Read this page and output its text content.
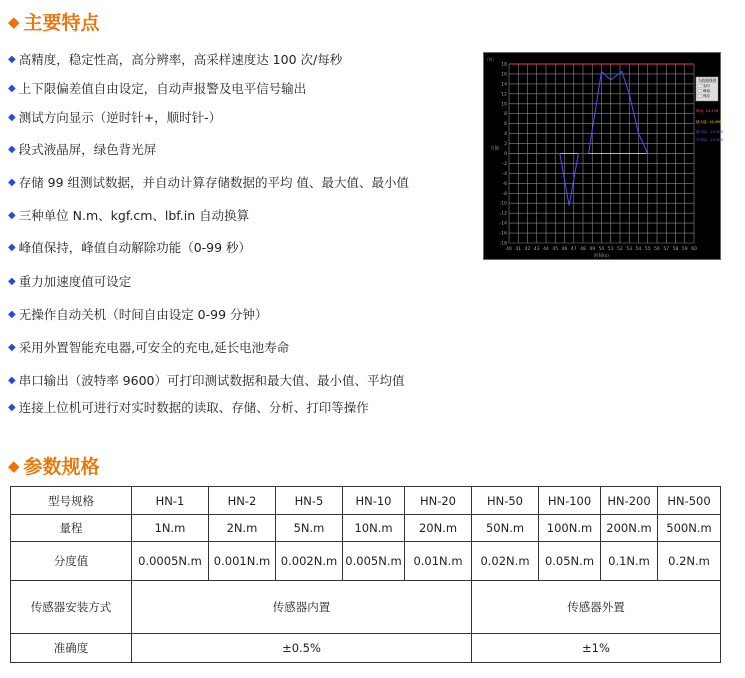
◆ 主要特点
◆ 高精度，稳定性高，高分辨率，高采样速度达 100 次/每秒
◆ 上下限偏差值自由设定，自动声报警及电平信号输出
◆ 测试方向显示（逆时针+，顺时针-）
◆ 段式液晶屏，绿色背光屏
◆ 存储 99 组测试数据，并自动计算存储数据的平均 值、最大值、最小值
◆ 三种单位 N.m、kgf.cm、lbf.in 自动换算
◆ 峰值保持，峰值自动解除功能（0-99 秒）
◆ 重力加速度值可设定
◆ 无操作自动关机（时间自由设定 0-99 分钟）
◆ 采用外置智能充电器,可安全的充电,延长电池寿命
◆ 串口输出（波特率 9600）可打印测试数据和最大值、最小值、平均值
◆ 连接上位机可进行对实时数据的读取、存储、分析、打印等操作
40 41 42 43 44 45 46 47 48 49 50 51 52 53 54 55 56 57 58 59 60
18
16
14
12
10
8
6
4
2
0
-2
-4
-6
-8
-10
-12
-14
-16
-18
(N)
力值
时间(s)
力值曲线图
实时
峰值
保存
峰值: 16.498
最大值: 16.498
最小值: -10.498
平均值: -10.498
◆ 参数规格
型号规格	HN-1	HN-2	HN-5	HN-10	HN-20	HN-50	HN-100	HN-200	HN-500
量程	1N.m	2N.m	5N.m	10N.m	20N.m	50N.m	100N.m	200N.m	500N.m
分度值	0.0005N.m	0.001N.m	0.002N.m	0.005N.m	0.01N.m	0.02N.m	0.05N.m	0.1N.m	0.2N.m
传感器安装方式	传感器内置					传感器外置			
准确度	±0.5%					±1%			
